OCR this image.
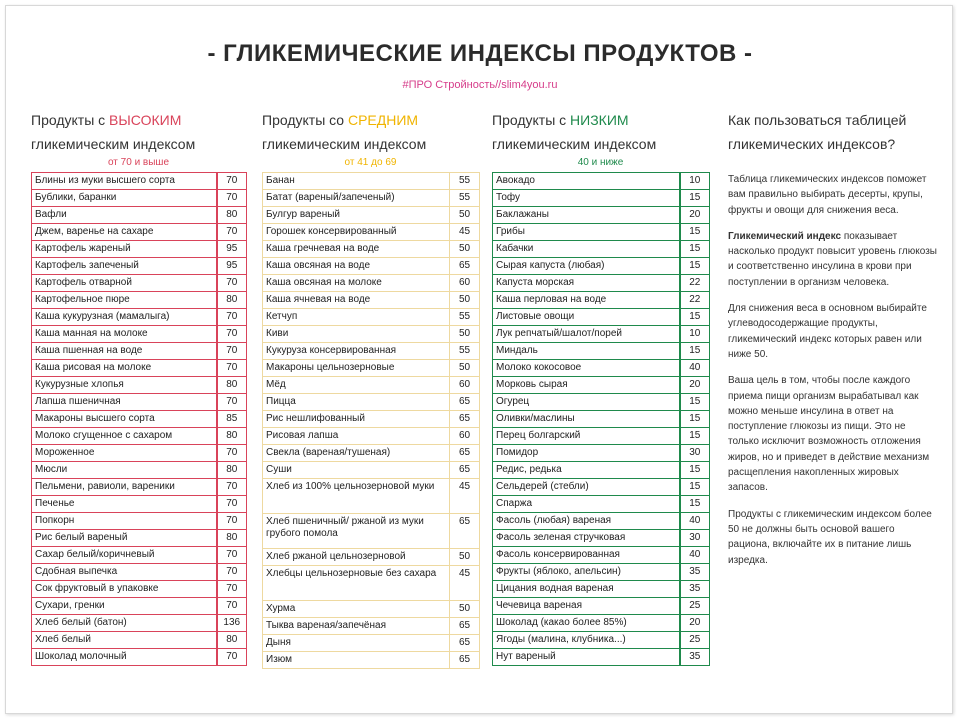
- ГЛИКЕМИЧЕСКИЕ ИНДЕКСЫ ПРОДУКТОВ -
#ПРО Стройность//slim4you.ru
Продукты с ВЫСОКИМ
гликемическим индексом
от 70 и выше
Блины из муки высшего сорта	70
Бублики, баранки	70
Вафли	80
Джем, варенье на сахаре	70
Картофель жареный	95
Картофель запеченый	95
Картофель отварной	70
Картофельное пюре	80
Каша кукурузная (мамалыга)	70
Каша манная на молоке	70
Каша пшенная на воде	70
Каша рисовая на молоке	70
Кукурузные хлопья	80
Лапша пшеничная	70
Макароны высшего сорта	85
Молоко сгущенное с сахаром	80
Мороженное	70
Мюсли	80
Пельмени, равиоли, вареники	70
Печенье	70
Попкорн	70
Рис белый вареный	80
Сахар белый/коричневый	70
Сдобная выпечка	70
Сок фруктовый в упаковке	70
Сухари, гренки	70
Хлеб белый (батон)	136
Хлеб белый	80
Шоколад молочный	70
Продукты со СРЕДНИМ
гликемическим индексом
от 41 до 69
Банан	55
Батат (вареный/запеченый)	55
Булгур вареный	50
Горошек консервированный	45
Каша гречневая на воде	50
Каша овсяная на воде	65
Каша овсяная на молоке	60
Каша ячневая на воде	50
Кетчуп	55
Киви	50
Кукуруза консервированная	55
Макароны цельнозерновые	50
Мёд	60
Пицца	65
Рис нешлифованный	65
Рисовая лапша	60
Свекла (вареная/тушеная)	65
Суши	65
Хлеб из 100% цельнозерновой муки	45
Хлеб пшеничный/ ржаной из муки грубого помола	65
Хлеб ржаной цельнозерновой	50
Хлебцы цельнозерновые без сахара	45
Хурма	50
Тыква вареная/запечёная	65
Дыня	65
Изюм	65
Продукты с НИЗКИМ
гликемическим индексом
40 и ниже
Авокадо	10
Тофу	15
Баклажаны	20
Грибы	15
Кабачки	15
Сырая капуста (любая)	15
Капуста морская	22
Каша перловая на воде	22
Листовые овощи	15
Лук репчатый/шалот/порей	10
Миндаль	15
Молоко кокосовое	40
Морковь сырая	20
Огурец	15
Оливки/маслины	15
Перец болгарский	15
Помидор	30
Редис, редька	15
Сельдерей (стебли)	15
Спаржа	15
Фасоль (любая) вареная	40
Фасоль зеленая стручковая	30
Фасоль консервированная	40
Фрукты (яблоко, апельсин)	35
Цицания водная вареная	35
Чечевица вареная	25
Шоколад (какао более 85%)	20
Ягоды (малина, клубника...)	25
Нут вареный	35
Как пользоваться таблицей
гликемических индексов?

Таблица гликемических индексов поможет вам правильно выбирать десерты, крупы, фрукты и овощи для снижения веса.

Гликемический индекс показывает насколько продукт повысит уровень глюкозы и соответственно инсулина в крови при поступлении в организм человека.

Для снижения веса в основном выбирайте углеводосодержащие продукты, гликемический индекс которых равен или ниже 50.

Ваша цель в том, чтобы после каждого приема пищи организм вырабатывал как можно меньше инсулина в ответ на поступление глюкозы из пищи. Это не только исключит возможность отложения жиров, но и приведет в действие механизм расщепления накопленных жировых запасов.

Продукты с гликемическим индексом более 50 не должны быть основой вашего рациона, включайте их в питание лишь изредка.
